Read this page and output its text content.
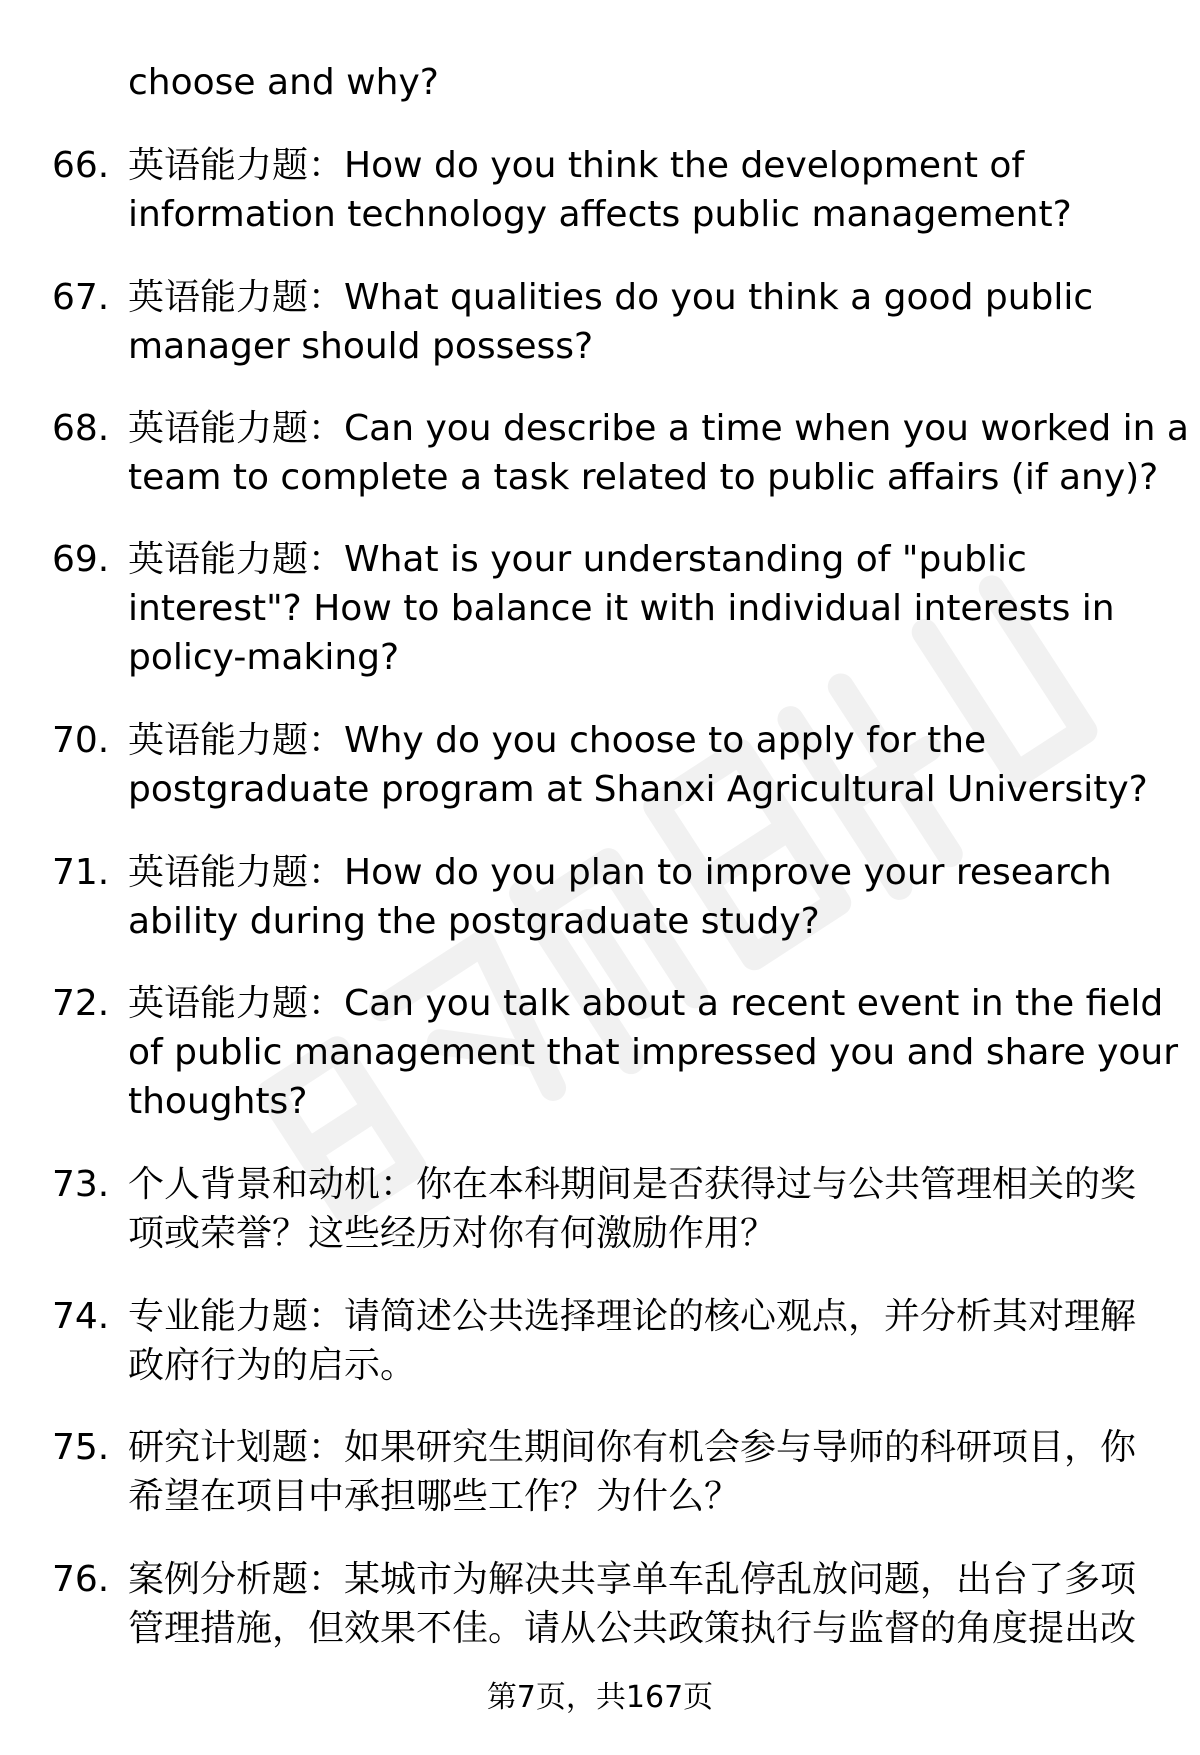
choose and why?
66. 英语能力题：How do you think the development of
information technology affects public management?
67. 英语能力题：What qualities do you think a good public
manager should possess?
68. 英语能力题：Can you describe a time when you worked in a
team to complete a task related to public affairs (if any)?
69. 英语能力题：What is your understanding of "public
interest"? How to balance it with individual interests in
policy-making?
70. 英语能力题：Why do you choose to apply for the
postgraduate program at Shanxi Agricultural University?
71. 英语能力题：How do you plan to improve your research
ability during the postgraduate study?
72. 英语能力题：Can you talk about a recent event in the field
of public management that impressed you and share your
thoughts?
73. 个人背景和动机：你在本科期间是否获得过与公共管理相关的奖
项或荣誉？这些经历对你有何激励作用？
74. 专业能力题：请简述公共选择理论的核心观点，并分析其对理解
政府行为的启示。
75. 研究计划题：如果研究生期间你有机会参与导师的科研项目，你
希望在项目中承担哪些工作？为什么？
76. 案例分析题：某城市为解决共享单车乱停乱放问题，出台了多项
管理措施，但效果不佳。请从公共政策执行与监督的角度提出改
第7页，共167页
